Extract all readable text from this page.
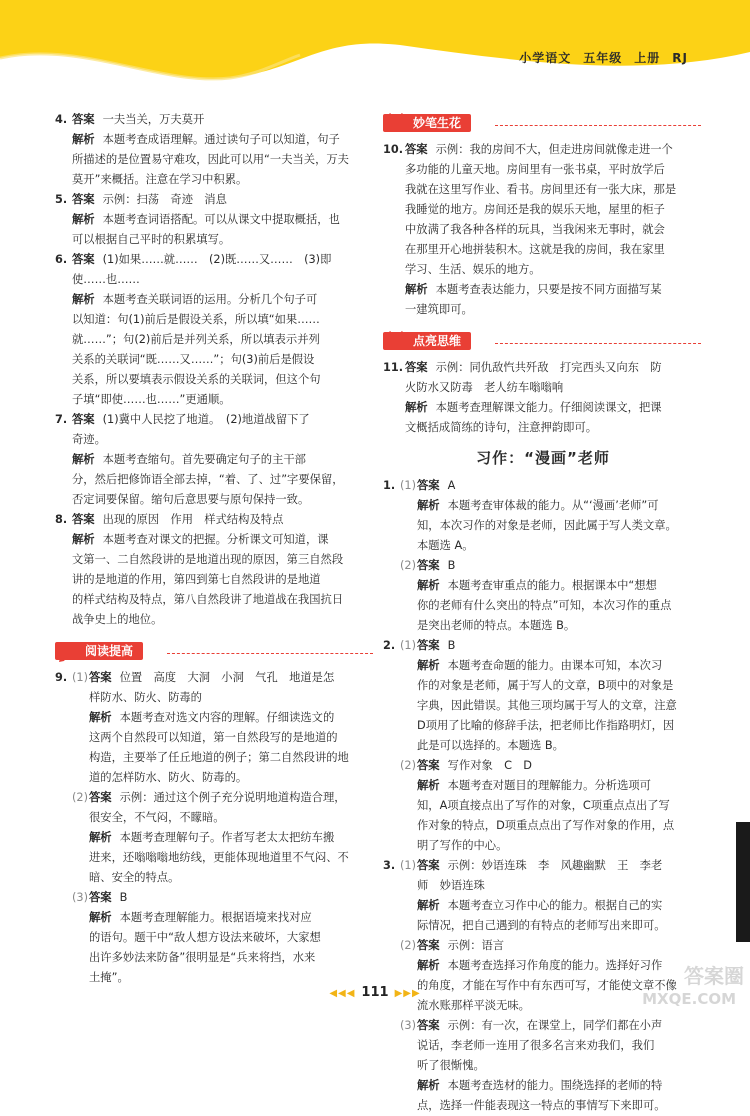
小学语文 五年级 上册 RJ
4. 答案 一夫当关，万夫莫开

解析 本题考查成语理解。通过读句子可以知道，句子

所描述的是位置易守难攻，因此可以用“一夫当关，万夫

莫开”来概括。注意在学习中积累。

5. 答案 示例：扫荡　奇迹　消息

解析 本题考查词语搭配。可以从课文中提取概括，也

可以根据自己平时的积累填写。

6. 答案 (1)如果……就……　(2)既……又……　(3)即

使……也……

解析 本题考查关联词语的运用。分析几个句子可

以知道：句(1)前后是假设关系，所以填“如果……

就……”；句(2)前后是并列关系，所以填表示并列

关系的关联词“既……又……”；句(3)前后是假设

关系，所以要填表示假设关系的关联词，但这个句

子填“即使……也……”更通顺。

7. 答案 (1)冀中人民挖了地道。　(2)地道战留下了

奇迹。

解析 本题考查缩句。首先要确定句子的主干部

分，然后把修饰语全部去掉，“着、了、过”字要保留，

否定词要保留。缩句后意思要与原句保持一致。

8. 答案 出现的原因　作用　样式结构及特点

解析 本题考查对课文的把握。分析课文可知道，课

文第一、二自然段讲的是地道出现的原因，第三自然段

讲的是地道的作用，第四到第七自然段讲的是地道

的样式结构及特点，第八自然段讲了地道战在我国抗日

战争史上的地位。

阅读提高
9. (1) 答案 位置　高度　大洞　小洞　气孔　地道是怎

样防水、防火、防毒的

解析 本题考查对选文内容的理解。仔细读选文的

这两个自然段可以知道，第一自然段写的是地道的

构造，主要举了任丘地道的例子；第二自然段讲的地

道的怎样防水、防火、防毒的。

(2) 答案 示例：通过这个例子充分说明地道构造合理，

很安全，不气闷，不矇暗。

解析 本题考查理解句子。作者写老太太把纺车搬

进来，还嗡嗡嗡地纺线，更能体现地道里不气闷、不

暗、安全的特点。

(3) 答案 B

解析 本题考查理解能力。根据语境来找对应

的语句。题干中“敌人想方设法来破坏，大家想

出许多妙法来防备”很明显是“兵来将挡，水来

土掩”。

妙笔生花
10. 答案 示例：我的房间不大，但走进房间就像走进一个

多功能的儿童天地。房间里有一张书桌，平时放学后

我就在这里写作业、看书。房间里还有一张大床，那是

我睡觉的地方。房间还是我的娱乐天地，屋里的柜子

中放满了我各种各样的玩具，当我闲来无事时，就会

在那里开心地拼装积木。这就是我的房间，我在家里

学习、生活、娱乐的地方。

解析 本题考查表达能力，只要是按不同方面描写某

一建筑即可。

点亮思维
11. 答案 示例：同仇敌忾共歼敌　打完西头又向东　防

火防水又防毒　老人纺车嗡嗡响

解析 本题考查理解课文能力。仔细阅读课文，把课

文概括成简练的诗句，注意押韵即可。

习作：“漫画”老师
1. (1) 答案 A

解析 本题考查审体裁的能力。从“‘漫画’老师”可

知，本次习作的对象是老师，因此属于写人类文章。

本题选 A。

(2) 答案 B

解析 本题考查审重点的能力。根据课本中“想想

你的老师有什么突出的特点”可知，本次习作的重点

是突出老师的特点。本题选 B。

2. (1) 答案 B

解析 本题考查命题的能力。由课本可知，本次习

作的对象是老师，属于写人的文章，B项中的对象是

字典，因此错误。其他三项均属于写人的文章，注意

D项用了比喻的修辞手法，把老师比作指路明灯，因

此是可以选择的。本题选 B。

(2) 答案 写作对象　C　D

解析 本题考查对题目的理解能力。分析选项可

知，A项直接点出了写作的对象，C项重点点出了写

作对象的特点，D项重点点出了写作对象的作用，点

明了写作的中心。

3. (1) 答案 示例：妙语连珠　李　风趣幽默　王　李老

师　妙语连珠

解析 本题考查立习作中心的能力。根据自己的实

际情况，把自己遇到的有特点的老师写出来即可。

(2) 答案 示例：语言

解析 本题考查选择习作角度的能力。选择好习作

的角度，才能在写作中有东西可写，才能使文章不像

流水账那样平淡无味。

(3) 答案 示例：有一次，在课堂上，同学们都在小声

说话，李老师一连用了很多名言来劝我们，我们

听了很惭愧。

解析 本题考查选材的能力。围绕选择的老师的特

点，选择一件能表现这一特点的事情写下来即可。

答案圈
MXQE.COM
◀◀◀ 111 ▶▶▶
